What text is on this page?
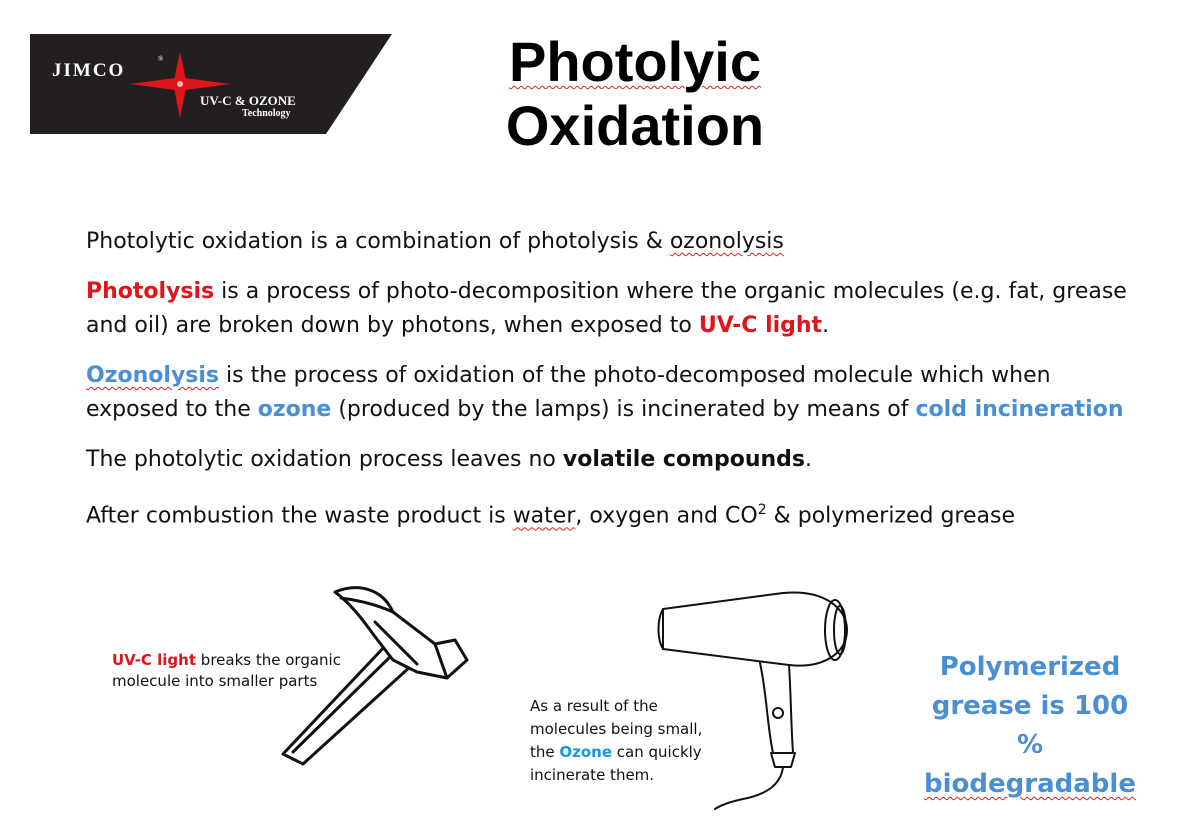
JIMCO
®
UV-C & OZONE
Technology
Photolyic
Oxidation

Photolytic oxidation is a combination of photolysis & ozonolysis

Photolysis is a process of photo-decomposition where the organic molecules (e.g. fat, grease and oil) are broken down by photons, when exposed to UV-C light.

Ozonolysis is the process of oxidation of the photo-decomposed molecule which when exposed to the ozone (produced by the lamps) is incinerated by means of cold incineration

The photolytic oxidation process leaves no volatile compounds.

After combustion the waste product is water, oxygen and $CO^2$ & polymerized grease

UV-C light breaks the organic molecule into smaller parts
As a result of the molecules being small, the Ozone can quickly incinerate them.
Polymerized
grease is 100 %
biodegradable
